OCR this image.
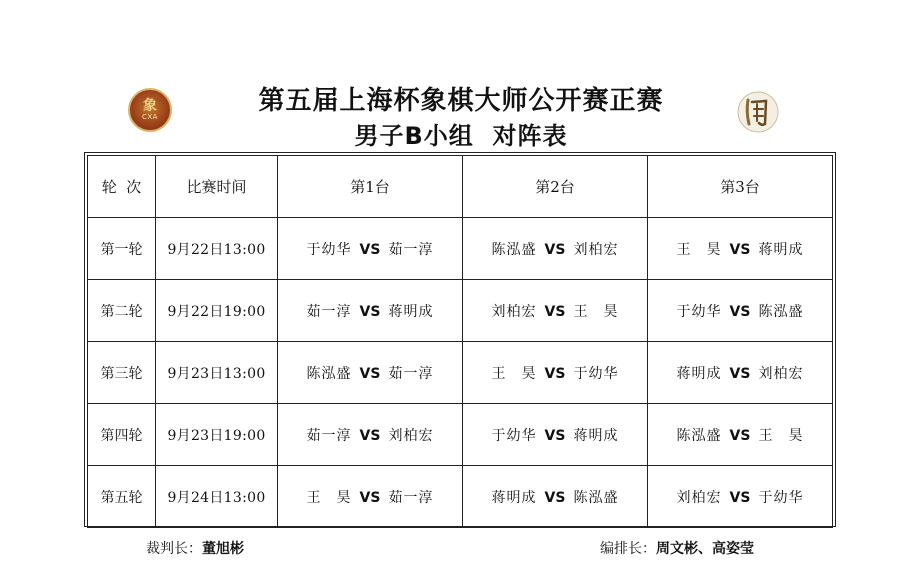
象
CXA
第五届上海杯象棋大师公开赛正赛
男子B小组  对阵表
轮  次	比赛时间	第1台	第2台	第3台
第一轮	9月22日13:00	于幼华 VS 茹一淳	陈泓盛 VS 刘柏宏	王　昊 VS 蒋明成
第二轮	9月22日19:00	茹一淳 VS 蒋明成	刘柏宏 VS 王　昊	于幼华 VS 陈泓盛
第三轮	9月23日13:00	陈泓盛 VS 茹一淳	王　昊 VS 于幼华	蒋明成 VS 刘柏宏
第四轮	9月23日19:00	茹一淳 VS 刘柏宏	于幼华 VS 蒋明成	陈泓盛 VS 王　昊
第五轮	9月24日13:00	王　昊 VS 茹一淳	蒋明成 VS 陈泓盛	刘柏宏 VS 于幼华
裁判长：董旭彬	编排长：周文彬、高姿莹
